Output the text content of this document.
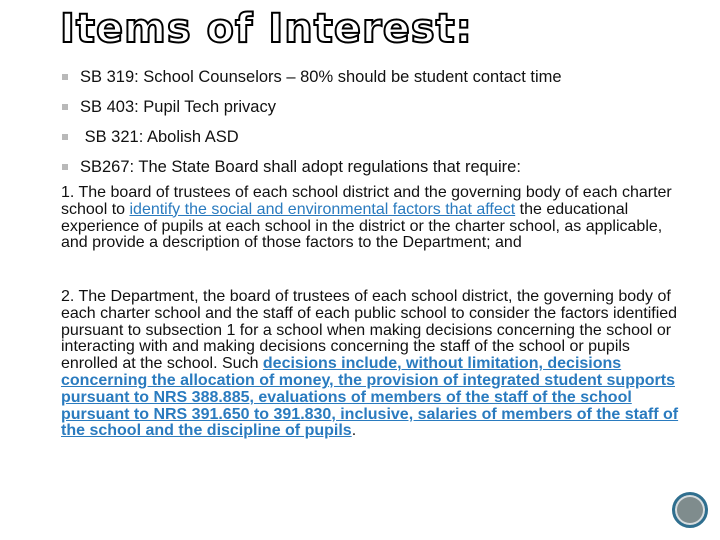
Items of Interest:
SB 319: School Counselors – 80% should be student contact time
SB 403: Pupil Tech privacy
SB 321: Abolish ASD
SB267: The State Board shall adopt regulations that require:
1. The board of trustees of each school district and the governing body of each charter school to identify the social and environmental factors that affect the educational experience of pupils at each school in the district or the charter school, as applicable, and provide a description of those factors to the Department; and
2. The Department, the board of trustees of each school district, the governing body of each charter school and the staff of each public school to consider the factors identified pursuant to subsection 1 for a school when making decisions concerning the school or interacting with and making decisions concerning the staff of the school or pupils enrolled at the school. Such decisions include, without limitation, decisions concerning the allocation of money, the provision of integrated student supports pursuant to NRS 388.885, evaluations of members of the staff of the school pursuant to NRS 391.650 to 391.830, inclusive, salaries of members of the staff of the school and the discipline of pupils.
